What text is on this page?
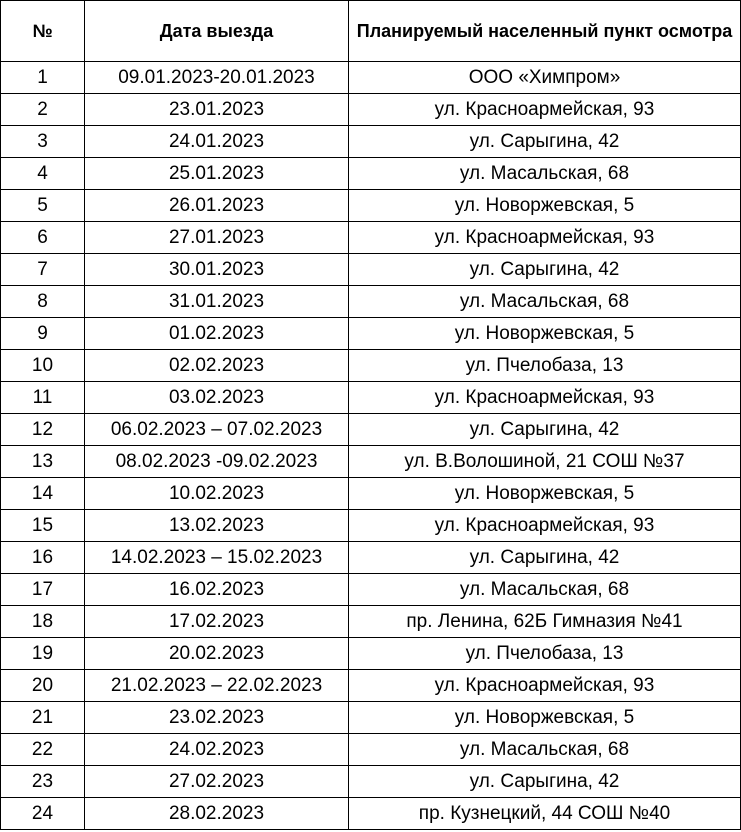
№	Дата выезда	Планируемый населенный пункт осмотра
1	09.01.2023-20.01.2023	ООО «Химпром»
2	23.01.2023	ул. Красноармейская, 93
3	24.01.2023	ул. Сарыгина, 42
4	25.01.2023	ул. Масальская, 68
5	26.01.2023	ул. Новоржевская, 5
6	27.01.2023	ул. Красноармейская, 93
7	30.01.2023	ул. Сарыгина, 42
8	31.01.2023	ул. Масальская, 68
9	01.02.2023	ул. Новоржевская, 5
10	02.02.2023	ул. Пчелобаза, 13
11	03.02.2023	ул. Красноармейская, 93
12	06.02.2023 – 07.02.2023	ул. Сарыгина, 42
13	08.02.2023 -09.02.2023	ул. В.Волошиной, 21 СОШ №37
14	10.02.2023	ул. Новоржевская, 5
15	13.02.2023	ул. Красноармейская, 93
16	14.02.2023 – 15.02.2023	ул. Сарыгина, 42
17	16.02.2023	ул. Масальская, 68
18	17.02.2023	пр. Ленина, 62Б Гимназия №41
19	20.02.2023	ул. Пчелобаза, 13
20	21.02.2023 – 22.02.2023	ул. Красноармейская, 93
21	23.02.2023	ул. Новоржевская, 5
22	24.02.2023	ул. Масальская, 68
23	27.02.2023	ул. Сарыгина, 42
24	28.02.2023	пр. Кузнецкий, 44 СОШ №40
